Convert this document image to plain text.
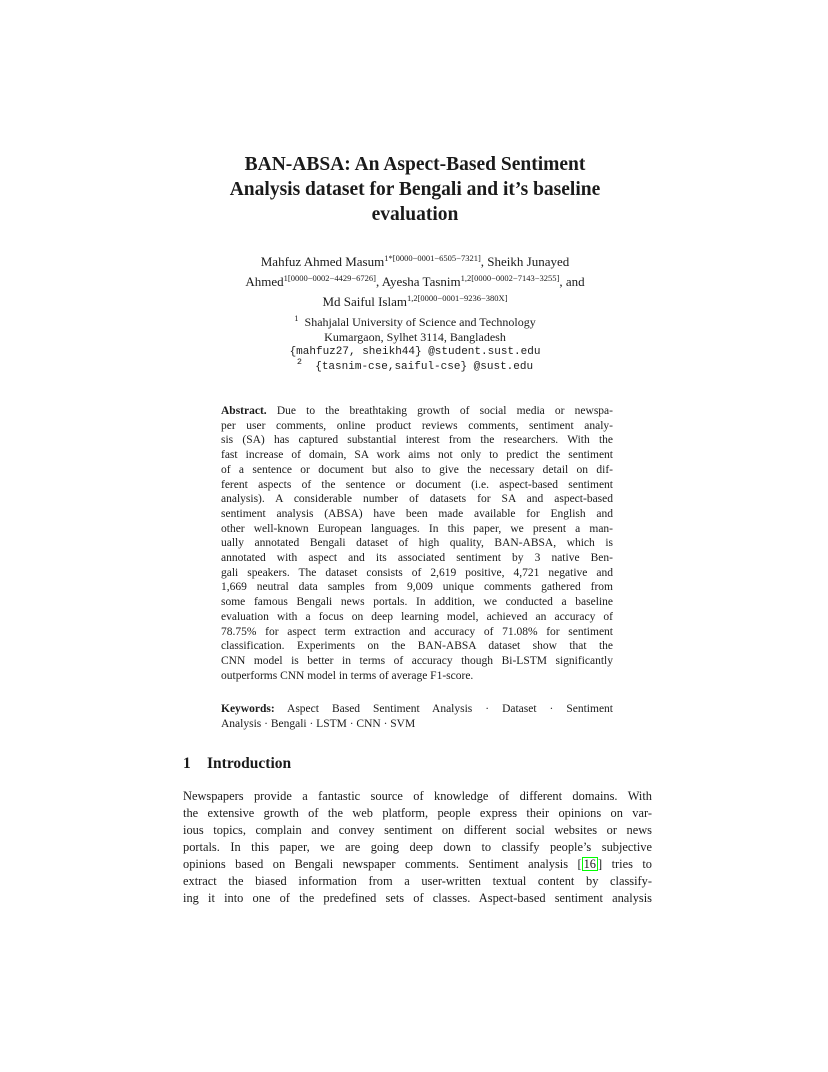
BAN-ABSA: An Aspect-Based Sentiment
Analysis dataset for Bengali and it’s baseline
evaluation
Mahfuz Ahmed Masum$^{1*[0000-0001-6505-7321]}$, Sheikh Junayed
Ahmed$^{1[0000-0002-4429-6726]}$, Ayesha Tasnim$^{1,2[0000-0002-7143-3255]}$, and
Md Saiful Islam$^{1,2[0000-0001-9236-380X]}$
$^1$ Shahjalal University of Science and Technology
Kumargaon, Sylhet 3114, Bangladesh
{mahfuz27, sheikh44} @student.sust.edu
$^2$ {tasnim-cse,saiful-cse} @sust.edu
Abstract. Due to the breathtaking growth of social media or newspa-
per user comments, online product reviews comments, sentiment analy-
sis (SA) has captured substantial interest from the researchers. With the
fast increase of domain, SA work aims not only to predict the sentiment
of a sentence or document but also to give the necessary detail on dif-
ferent aspects of the sentence or document (i.e. aspect-based sentiment
analysis). A considerable number of datasets for SA and aspect-based
sentiment analysis (ABSA) have been made available for English and
other well-known European languages. In this paper, we present a man-
ually annotated Bengali dataset of high quality, BAN-ABSA, which is
annotated with aspect and its associated sentiment by 3 native Ben-
gali speakers. The dataset consists of 2,619 positive, 4,721 negative and
1,669 neutral data samples from 9,009 unique comments gathered from
some famous Bengali news portals. In addition, we conducted a baseline
evaluation with a focus on deep learning model, achieved an accuracy of
78.75% for aspect term extraction and accuracy of 71.08% for sentiment
classification. Experiments on the BAN-ABSA dataset show that the
CNN model is better in terms of accuracy though Bi-LSTM significantly
outperforms CNN model in terms of average F1-score.
Keywords: Aspect Based Sentiment Analysis · Dataset · Sentiment
Analysis · Bengali · LSTM · CNN · SVM
1 Introduction
Newspapers provide a fantastic source of knowledge of different domains. With
the extensive growth of the web platform, people express their opinions on var-
ious topics, complain and convey sentiment on different social websites or news
portals. In this paper, we are going deep down to classify people’s subjective
opinions based on Bengali newspaper comments. Sentiment analysis [ 16 ] tries to
extract the biased information from a user-written textual content by classify-
ing it into one of the predefined sets of classes. Aspect-based sentiment analysis
